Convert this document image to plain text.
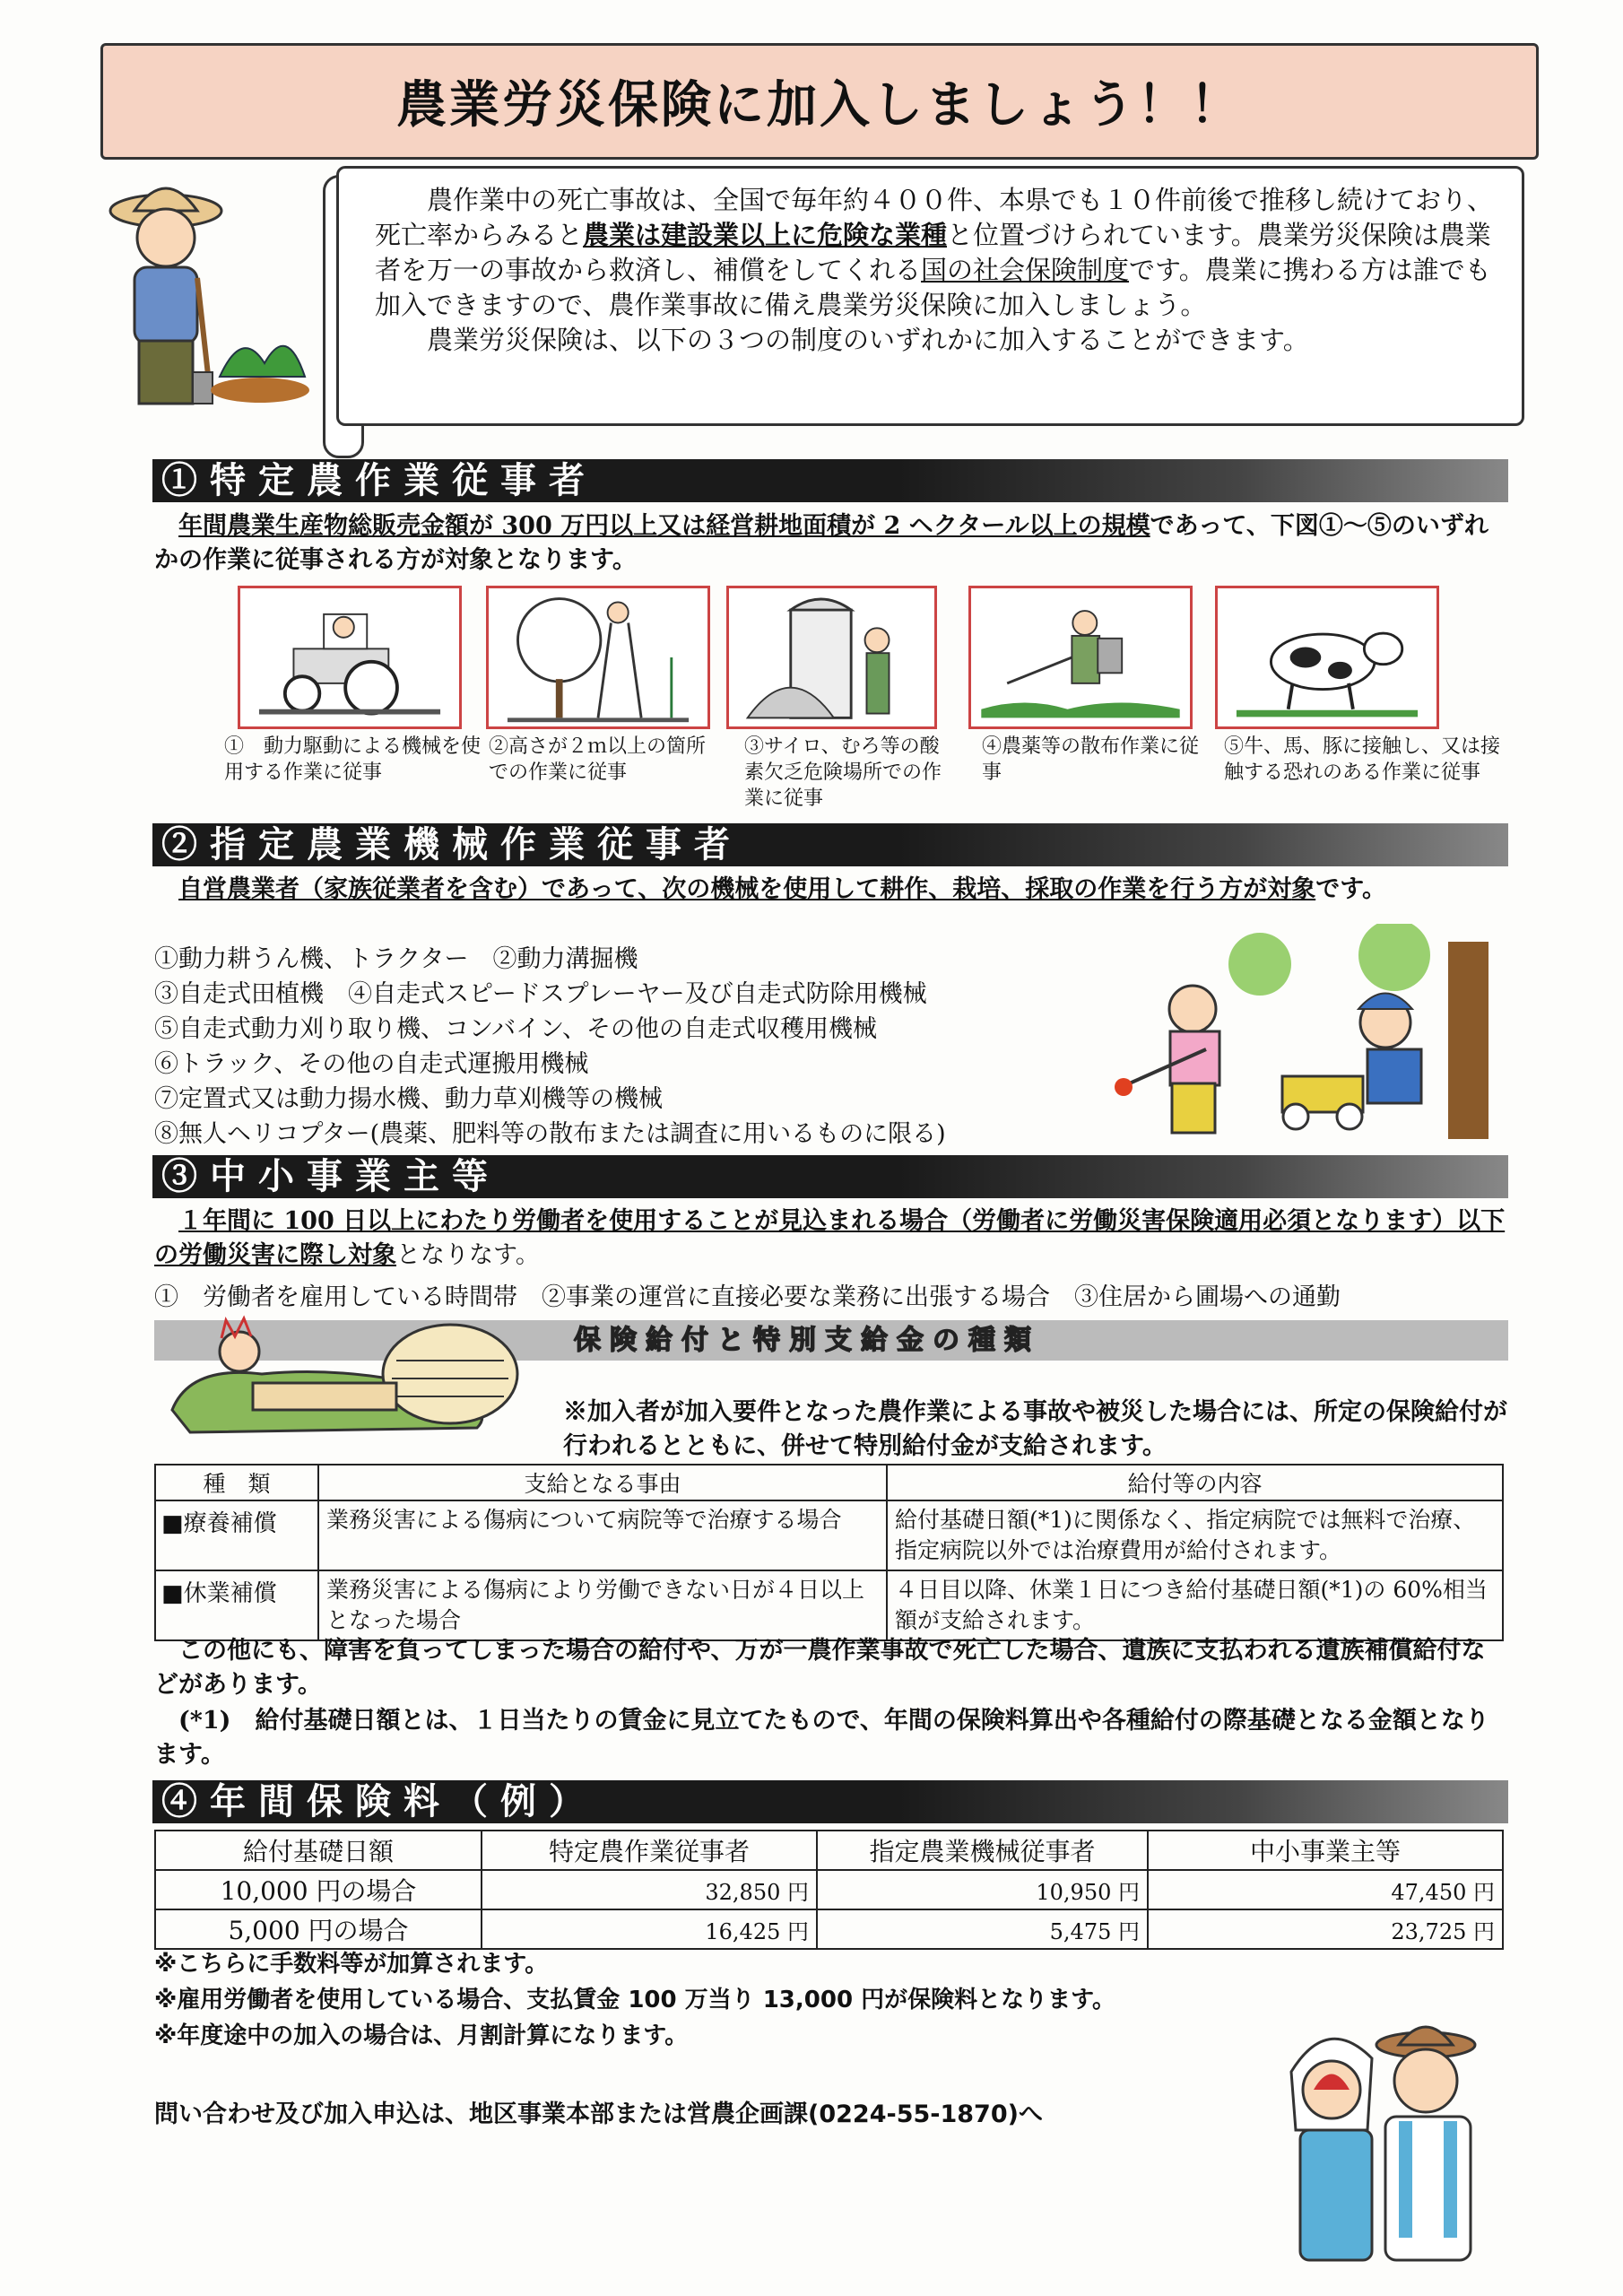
農業労災保険に加入しましょう！！

　　農作業中の死亡事故は、全国で毎年約４００件、本県でも１０件前後で推移し続けており、死亡率からみると農業は建設業以上に危険な業種と位置づけられています。農業労災保険は農業者を万一の事故から救済し、補償をしてくれる国の社会保険制度です。農業に携わる方は誰でも加入できますので、農作業事故に備え農業労災保険に加入しましょう。

　　農業労災保険は、以下の３つの制度のいずれかに加入することができます。

①特定農作業従事者
　年間農業生産物総販売金額が 300 万円以上又は経営耕地面積が 2 ヘクタール以上の規模であって、下図①～⑤のいずれかの作業に従事される方が対象となります。
①　動力駆動による機械を使用する作業に従事
②高さが２ｍ以上の箇所での作業に従事
③サイロ、むろ等の酸素欠乏危険場所での作業に従事
④農薬等の散布作業に従事
⑤牛、馬、豚に接触し、又は接触する恐れのある作業に従事
②指定農業機械作業従事者
　自営農業者（家族従業者を含む）であって、次の機械を使用して耕作、栽培、採取の作業を行う方が対象です。
①動力耕うん機、トラクター　②動力溝掘機
③自走式田植機　④自走式スピードスプレーヤー及び自走式防除用機械
⑤自走式動力刈り取り機、コンバイン、その他の自走式収穫用機械
⑥トラック、その他の自走式運搬用機械
⑦定置式又は動力揚水機、動力草刈機等の機械
⑧無人ヘリコプター(農薬、肥料等の散布または調査に用いるものに限る)
③中小事業主等
　１年間に 100 日以上にわたり労働者を使用することが見込まれる場合（労働者に労働災害保険適用必須となります）以下の労働災害に際し対象となりなす。
①　労働者を雇用している時間帯　②事業の運営に直接必要な業務に出張する場合　③住居から圃場への通勤
保険給付と特別支給金の種類
※加入者が加入要件となった農作業による事故や被災した場合には、所定の保険給付が行われるとともに、併せて特別給付金が支給されます。
種　類	支給となる事由	給付等の内容
■療養補償	業務災害による傷病について病院等で治療する場合	給付基礎日額(*1)に関係なく、指定病院では無料で治療、指定病院以外では治療費用が給付されます。
■休業補償	業務災害による傷病により労働できない日が４日以上となった場合	４日目以降、休業１日につき給付基礎日額(*1)の 60%相当額が支給されます。
　この他にも、障害を負ってしまった場合の給付や、万が一農作業事故で死亡した場合、遺族に支払われる遺族補償給付などがあります。
　(*1)　給付基礎日額とは、１日当たりの賃金に見立てたもので、年間の保険料算出や各種給付の際基礎となる金額となります。
④年間保険料（例）
給付基礎日額	特定農作業従事者	指定農業機械従事者	中小事業主等
10,000 円の場合	32,850 円	10,950 円	47,450 円
5,000 円の場合	16,425 円	5,475 円	23,725 円
※こちらに手数料等が加算されます。
※雇用労働者を使用している場合、支払賃金 100 万当り 13,000 円が保険料となります。
※年度途中の加入の場合は、月割計算になります。
問い合わせ及び加入申込は、地区事業本部または営農企画課(0224-55-1870)へ
